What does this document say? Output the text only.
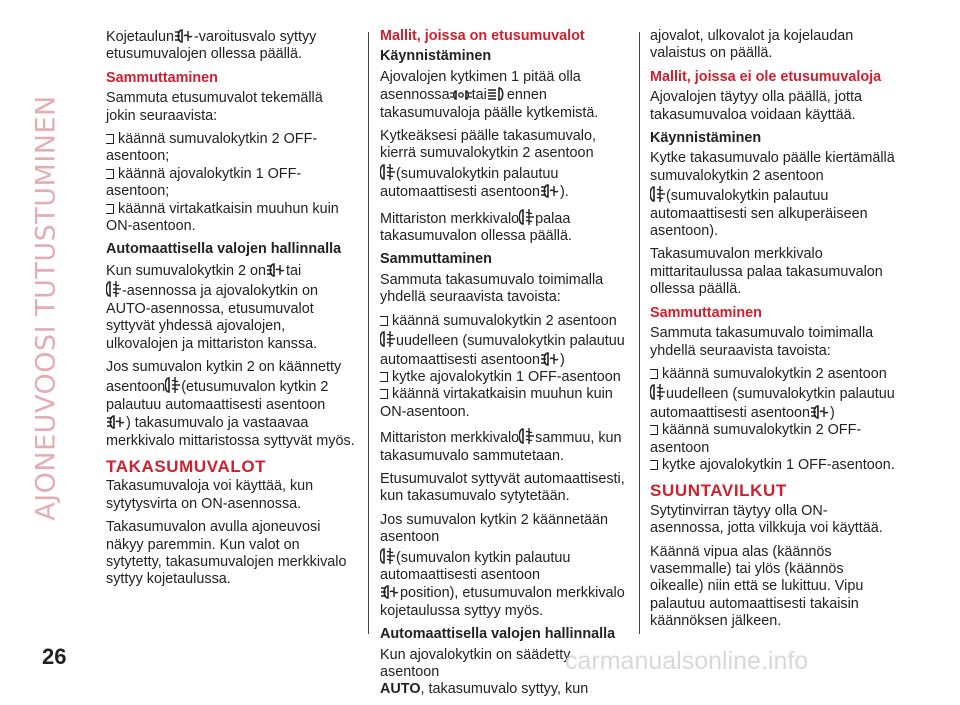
AJONEUVOOSI TUTUSTUMINEN

Kojetaulun -varoitusvalo syttyy etusumuvalojen ollessa päällä.

Sammuttaminen

Sammuta etusumuvalot tekemällä jokin seuraavista:

käännä sumuvalokytkin 2 OFF-asentoon;
käännä ajovalokytkin 1 OFF-asentoon;
käännä virtakatkaisin muuhun kuin ON-asentoon.

Automaattisella valojen hallinnalla

Kun sumuvalokytkin 2 on tai

-asennossa ja ajovalokytkin on AUTO-asennossa, etusumuvalot syttyvät yhdessä ajovalojen, ulkovalojen ja mittariston kanssa.

Jos sumuvalon kytkin 2 on käännetty asentoon (etusumuvalon kytkin 2 palautuu automaattisesti asentoon

) takasumuvalo ja vastaavaa merkkivalo mittaristossa syttyvät myös.

TAKASUMUVALOT

Takasumuvaloja voi käyttää, kun sytytysvirta on ON-asennossa.

Takasumuvalon avulla ajoneuvosi näkyy paremmin. Kun valot on sytytetty, takasumuvalojen merkkivalo syttyy kojetaulussa.

Mallit, joissa on etusumuvalot

Käynnistäminen

Ajovalojen kytkimen 1 pitää olla asennossa tai ennen takasumuvaloja päälle kytkemistä.

Kytkeäksesi päälle takasumuvalo, kierrä sumuvalokytkin 2 asentoon

(sumuvalokytkin palautuu automaattisesti asentoon ).

Mittariston merkkivalo palaa takasumuvalon ollessa päällä.

Sammuttaminen

Sammuta takasumuvalo toimimalla yhdellä seuraavista tavoista:

käännä sumuvalokytkin 2 asentoon

uudelleen (sumuvalokytkin palautuu automaattisesti asentoon )
kytke ajovalokytkin 1 OFF-asentoon
käännä virtakatkaisin muuhun kuin ON-asentoon.

Mittariston merkkivalo sammuu, kun takasumuvalo sammutetaan.

Etusumuvalot syttyvät automaattisesti, kun takasumuvalo sytytetään.

Jos sumuvalon kytkin 2 käännetään asentoon

(sumuvalon kytkin palautuu automaattisesti asentoon

position), etusumuvalon merkkivalo kojetaulussa syttyy myös.

Automaattisella valojen hallinnalla

Kun ajovalokytkin on säädetty asentoon
AUTO, takasumuvalo syttyy, kun

ajovalot, ulkovalot ja kojelaudan valaistus on päällä.

Mallit, joissa ei ole etusumuvaloja

Ajovalojen täytyy olla päällä, jotta takasumuvaloa voidaan käyttää.

Käynnistäminen

Kytke takasumuvalo päälle kiertämällä sumuvalokytkin 2 asentoon

(sumuvalokytkin palautuu automaattisesti sen alkuperäiseen asentoon).

Takasumuvalon merkkivalo mittaritaulussa palaa takasumuvalon ollessa päällä.

Sammuttaminen

Sammuta takasumuvalo toimimalla yhdellä seuraavista tavoista:

käännä sumuvalokytkin 2 asentoon

uudelleen (sumuvalokytkin palautuu automaattisesti asentoon )
käännä sumuvalokytkin 2 OFF-asentoon
kytke ajovalokytkin 1 OFF-asentoon.

SUUNTAVILKUT

Sytytinvirran täytyy olla ON-asennossa, jotta vilkkuja voi käyttää.

Käännä vipua alas (käännös vasemmalle) tai ylös (käännös oikealle) niin että se lukittuu. Vipu palautuu automaattisesti takaisin käännöksen jälkeen.

26	carmanualsonline.info
